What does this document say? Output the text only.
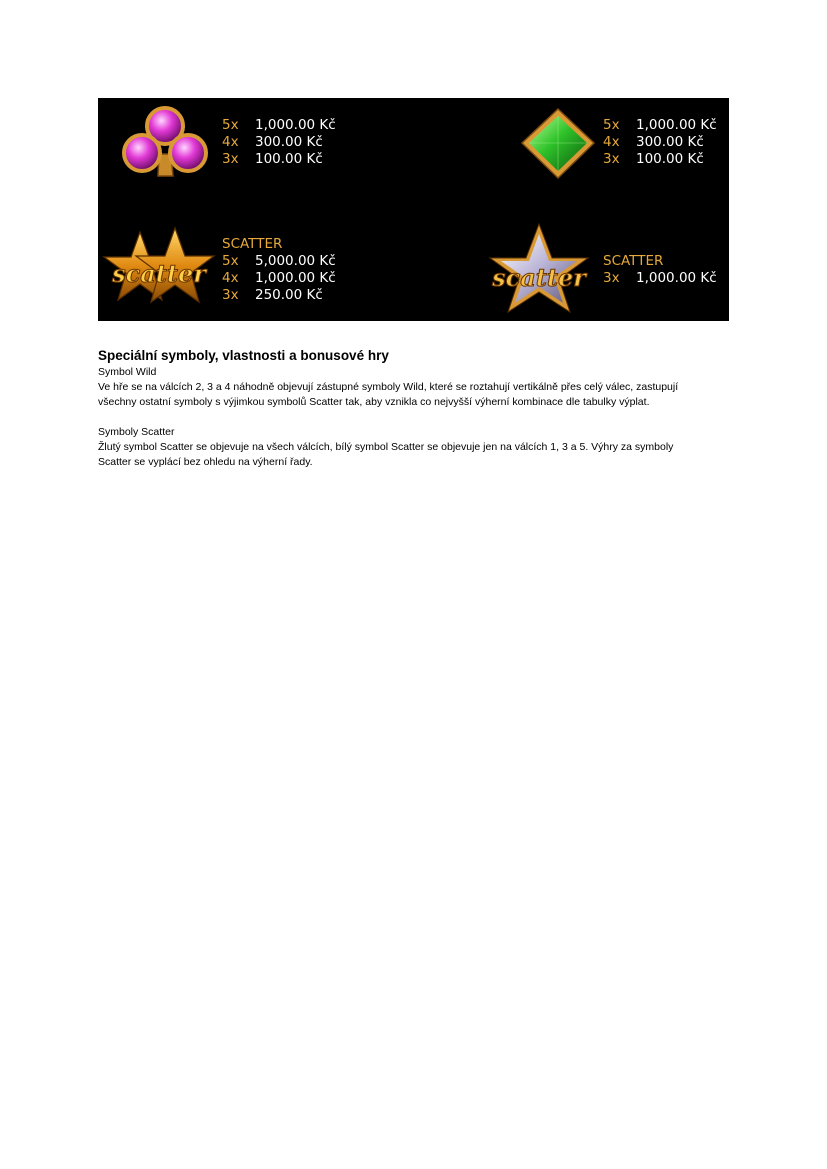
5x 1,000.00 Kč
4x 300.00 Kč
3x 100.00 Kč
5x 1,000.00 Kč
4x 300.00 Kč
3x 100.00 Kč
scatter
SCATTER
5x 5,000.00 Kč
4x 1,000.00 Kč
3x 250.00 Kč
scatter
SCATTER
3x 1,000.00 Kč
Speciální symboly, vlastnosti a bonusové hry
Symbol Wild
Ve hře se na válcích 2, 3 a 4 náhodně objevují zástupné symboly Wild, které se roztahují vertikálně přes celý válec, zastupují
všechny ostatní symboly s výjimkou symbolů Scatter tak, aby vznikla co nejvyšší výherní kombinace dle tabulky výplat.
Symboly Scatter
Žlutý symbol Scatter se objevuje na všech válcích, bílý symbol Scatter se objevuje jen na válcích 1, 3 a 5. Výhry za symboly
Scatter se vyplácí bez ohledu na výherní řady.
